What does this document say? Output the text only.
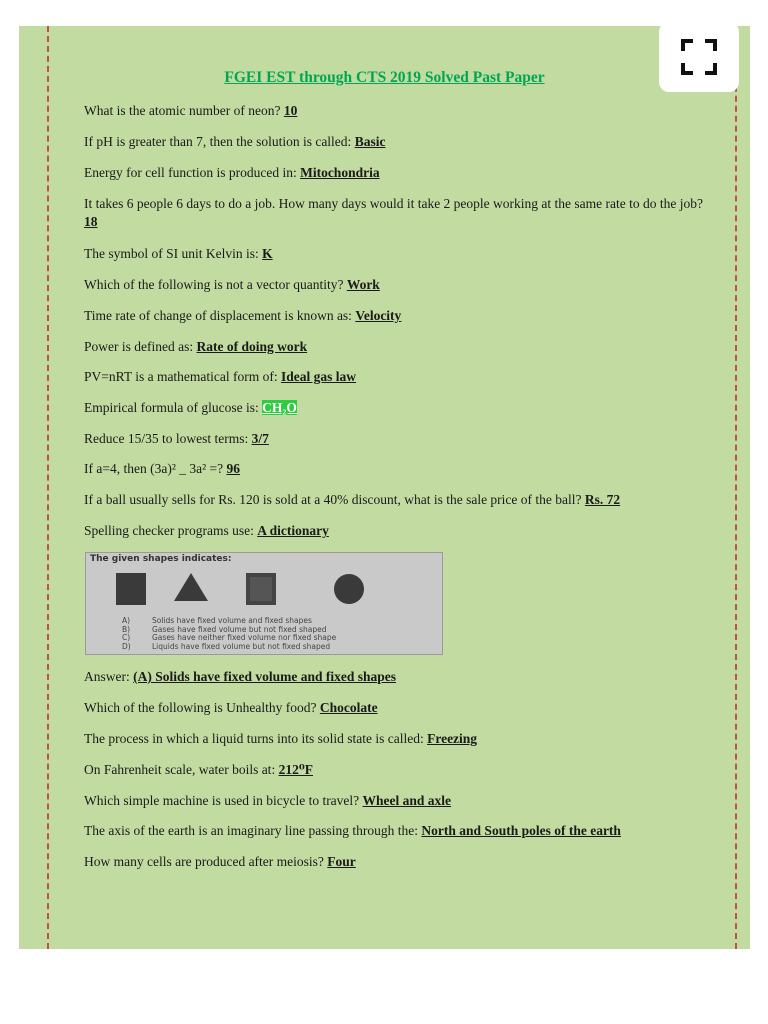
FGEI EST through CTS 2019 Solved Past Paper
What is the atomic number of neon? 10
If pH is greater than 7, then the solution is called: Basic
Energy for cell function is produced in: Mitochondria
It takes 6 people 6 days to do a job. How many days would it take 2 people working at the same rate to do the job? 18
The symbol of SI unit Kelvin is: K
Which of the following is not a vector quantity? Work
Time rate of change of displacement is known as: Velocity
Power is defined as: Rate of doing work
PV=nRT is a mathematical form of: Ideal gas law
Empirical formula of glucose is: CH₂O
Reduce 15/35 to lowest terms: 3/7
If a=4, then (3a)² _ 3a² =? 96
If a ball usually sells for Rs. 120 is sold at a 40% discount, what is the sale price of the ball? Rs. 72
Spelling checker programs use: A dictionary
The given shapes indicates:
A)	Solids have fixed volume and fixed shapes
B)	Gases have fixed volume but not fixed shaped
C)	Gases have neither fixed volume nor fixed shape
D)	Liquids have fixed volume but not fixed shaped
Answer: (A) Solids have fixed volume and fixed shapes
Which of the following is Unhealthy food? Chocolate
The process in which a liquid turns into its solid state is called: Freezing
On Fahrenheit scale, water boils at: 212⁰F
Which simple machine is used in bicycle to travel? Wheel and axle
The axis of the earth is an imaginary line passing through the: North and South poles of the earth
How many cells are produced after meiosis? Four
